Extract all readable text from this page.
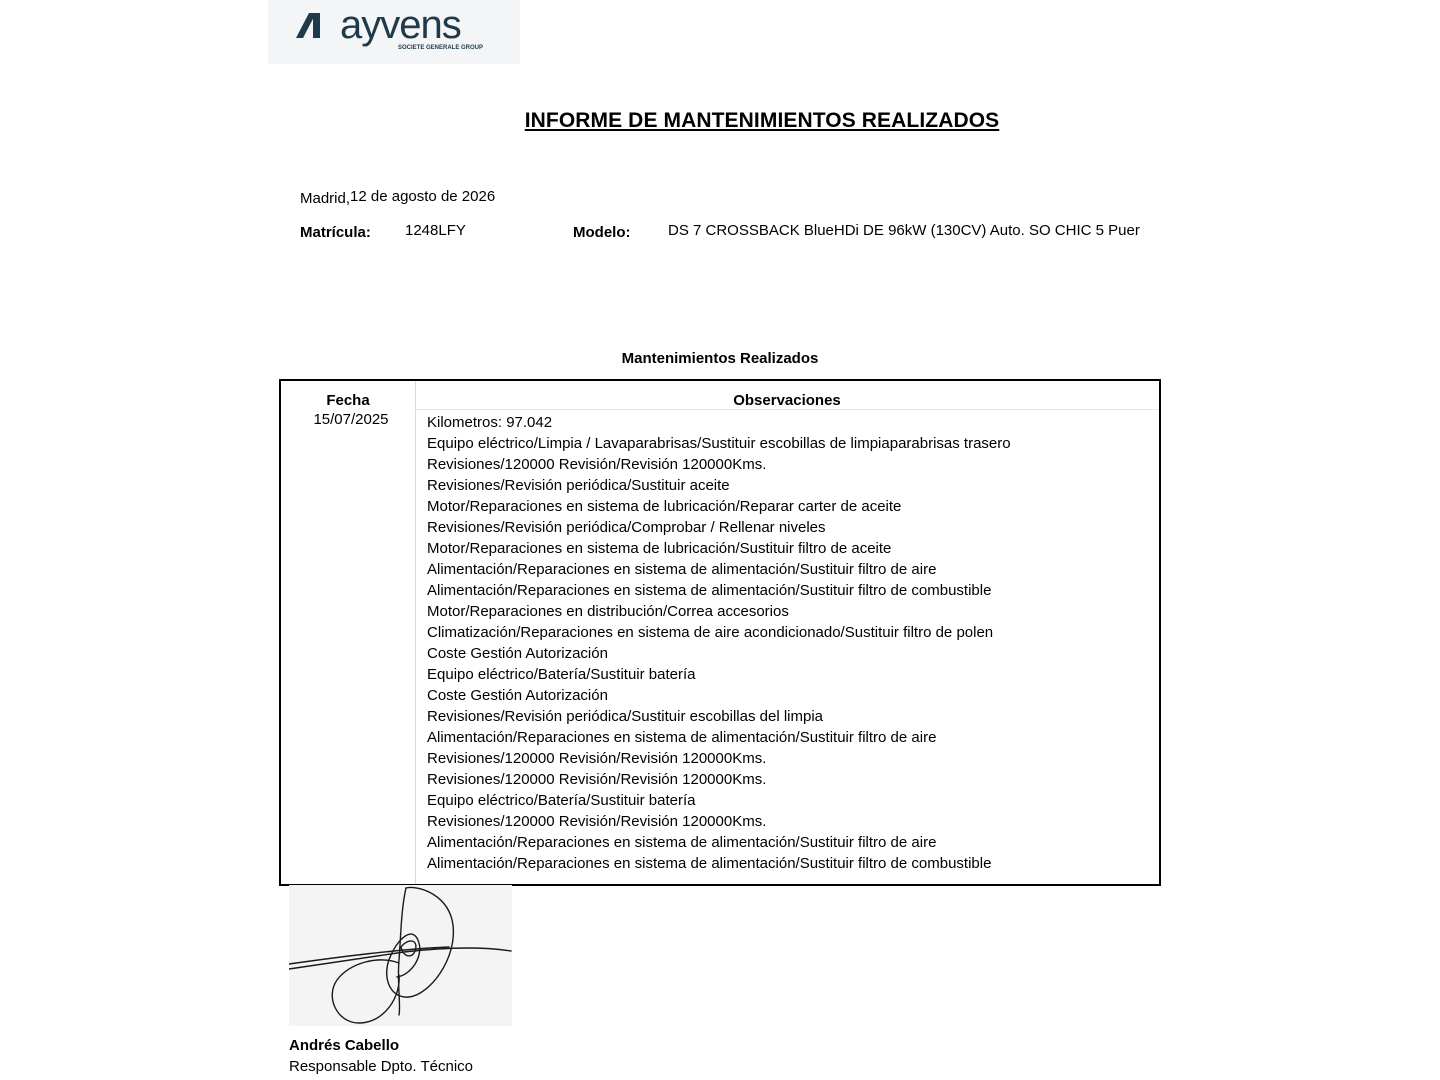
ayvens
SOCIETE GENERALE GROUP
INFORME DE MANTENIMIENTOS REALIZADOS
Madrid,12 de agosto de 2026
Matrícula: 1248LFY	Modelo:	DS 7 CROSSBACK BlueHDi DE 96kW (130CV) Auto. SO CHIC 5 Puer
Mantenimientos Realizados
Fecha	Observaciones
15/07/2025	Kilometros: 97.042
Equipo eléctrico/Limpia / Lavaparabrisas/Sustituir escobillas de limpiaparabrisas trasero
Revisiones/120000 Revisión/Revisión 120000Kms.
Revisiones/Revisión periódica/Sustituir aceite
Motor/Reparaciones en sistema de lubricación/Reparar carter de aceite
Revisiones/Revisión periódica/Comprobar / Rellenar niveles
Motor/Reparaciones en sistema de lubricación/Sustituir filtro de aceite
Alimentación/Reparaciones en sistema de alimentación/Sustituir filtro de aire
Alimentación/Reparaciones en sistema de alimentación/Sustituir filtro de combustible
Motor/Reparaciones en distribución/Correa accesorios
Climatización/Reparaciones en sistema de aire acondicionado/Sustituir filtro de polen
Coste Gestión Autorización
Equipo eléctrico/Batería/Sustituir batería
Coste Gestión Autorización
Revisiones/Revisión periódica/Sustituir escobillas del limpia
Alimentación/Reparaciones en sistema de alimentación/Sustituir filtro de aire
Revisiones/120000 Revisión/Revisión 120000Kms.
Revisiones/120000 Revisión/Revisión 120000Kms.
Equipo eléctrico/Batería/Sustituir batería
Revisiones/120000 Revisión/Revisión 120000Kms.
Alimentación/Reparaciones en sistema de alimentación/Sustituir filtro de aire
Alimentación/Reparaciones en sistema de alimentación/Sustituir filtro de combustible
Andrés Cabello
Responsable Dpto. Técnico
